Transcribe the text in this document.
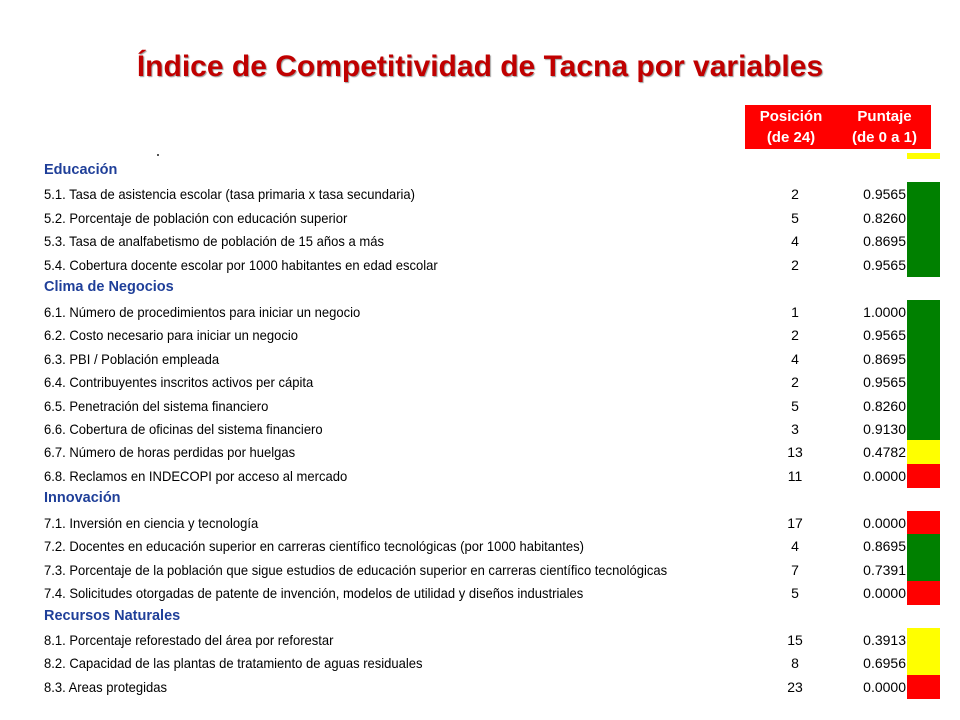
Índice de Competitividad de Tacna por variables
Posición
(de 24)
Puntaje
(de 0 a 1)
Educación
5.1. Tasa de asistencia escolar (tasa primaria x tasa secundaria)	2	0.9565
5.2. Porcentaje de población con educación superior	5	0.8260
5.3. Tasa de analfabetismo de población de 15 años a más	4	0.8695
5.4. Cobertura docente escolar por 1000 habitantes en edad escolar	2	0.9565
Clima de Negocios
6.1. Número de procedimientos para iniciar un negocio	1	1.0000
6.2. Costo necesario para iniciar un negocio	2	0.9565
6.3. PBI / Población empleada	4	0.8695
6.4. Contribuyentes inscritos activos per cápita	2	0.9565
6.5. Penetración del sistema financiero	5	0.8260
6.6. Cobertura de oficinas del sistema financiero	3	0.9130
6.7. Número de horas perdidas por huelgas	13	0.4782
6.8. Reclamos en INDECOPI por acceso al mercado	11	0.0000
Innovación
7.1. Inversión en ciencia y tecnología	17	0.0000
7.2. Docentes en educación superior en carreras científico tecnológicas (por 1000 habitantes)	4	0.8695
7.3. Porcentaje de la población que sigue estudios de educación superior en carreras científico tecnológicas	7	0.7391
7.4. Solicitudes otorgadas de patente de invención, modelos de utilidad y diseños industriales	5	0.0000
Recursos Naturales
8.1. Porcentaje reforestado del área por reforestar	15	0.3913
8.2. Capacidad de las plantas de tratamiento de aguas residuales	8	0.6956
8.3. Areas protegidas	23	0.0000
